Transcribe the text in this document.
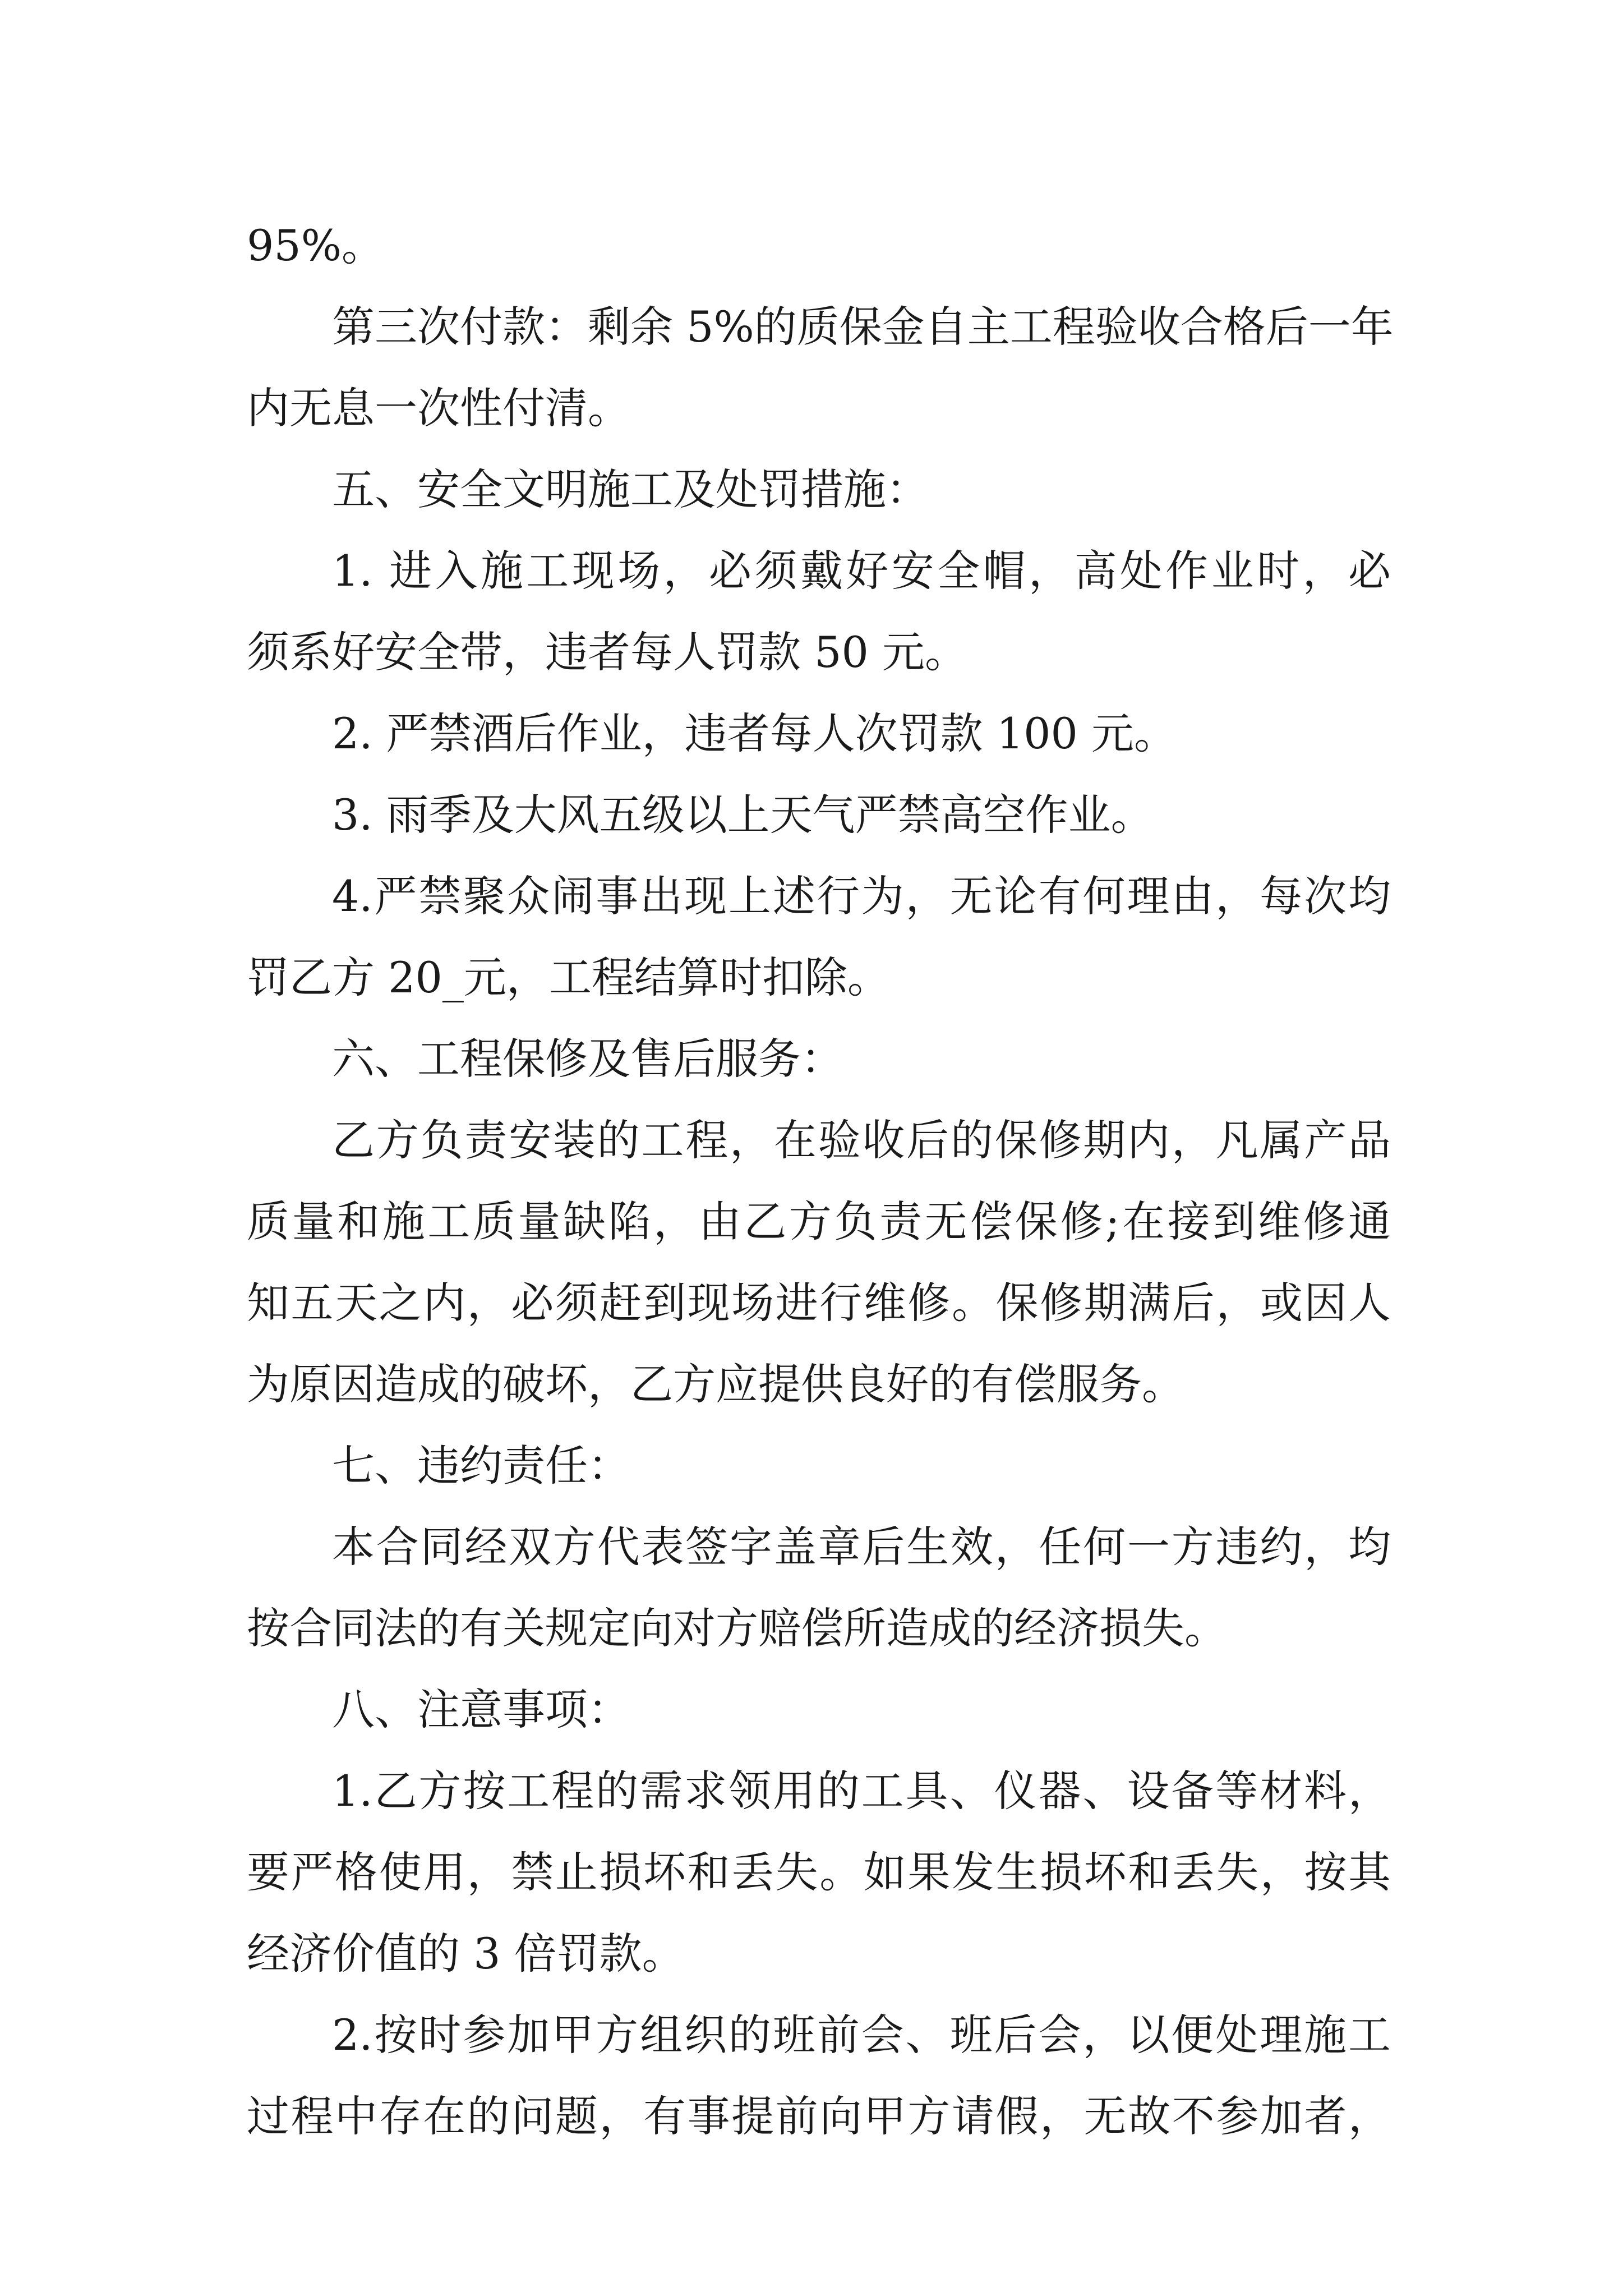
95%。
第三次付款：剩余 5%的质保金自主工程验收合格后一年
内无息一次性付清。
五、安全文明施工及处罚措施：
1. 进入施工现场，必须戴好安全帽，高处作业时，必
须系好安全带，违者每人罚款 50 元。
2. 严禁酒后作业，违者每人次罚款 100 元。
3. 雨季及大风五级以上天气严禁高空作业。
4.严禁聚众闹事出现上述行为，无论有何理由，每次均
罚乙方 20_元，工程结算时扣除。
六、工程保修及售后服务：
乙方负责安装的工程，在验收后的保修期内，凡属产品
质量和施工质量缺陷，由乙方负责无偿保修;在接到维修通
知五天之内，必须赶到现场进行维修。保修期满后，或因人
为原因造成的破坏，乙方应提供良好的有偿服务。
七、违约责任：
本合同经双方代表签字盖章后生效，任何一方违约，均
按合同法的有关规定向对方赔偿所造成的经济损失。
八、注意事项：
1.乙方按工程的需求领用的工具、仪器、设备等材料，
要严格使用，禁止损坏和丢失。如果发生损坏和丢失，按其
经济价值的 3 倍罚款。
2.按时参加甲方组织的班前会、班后会，以便处理施工
过程中存在的问题，有事提前向甲方请假，无故不参加者，
